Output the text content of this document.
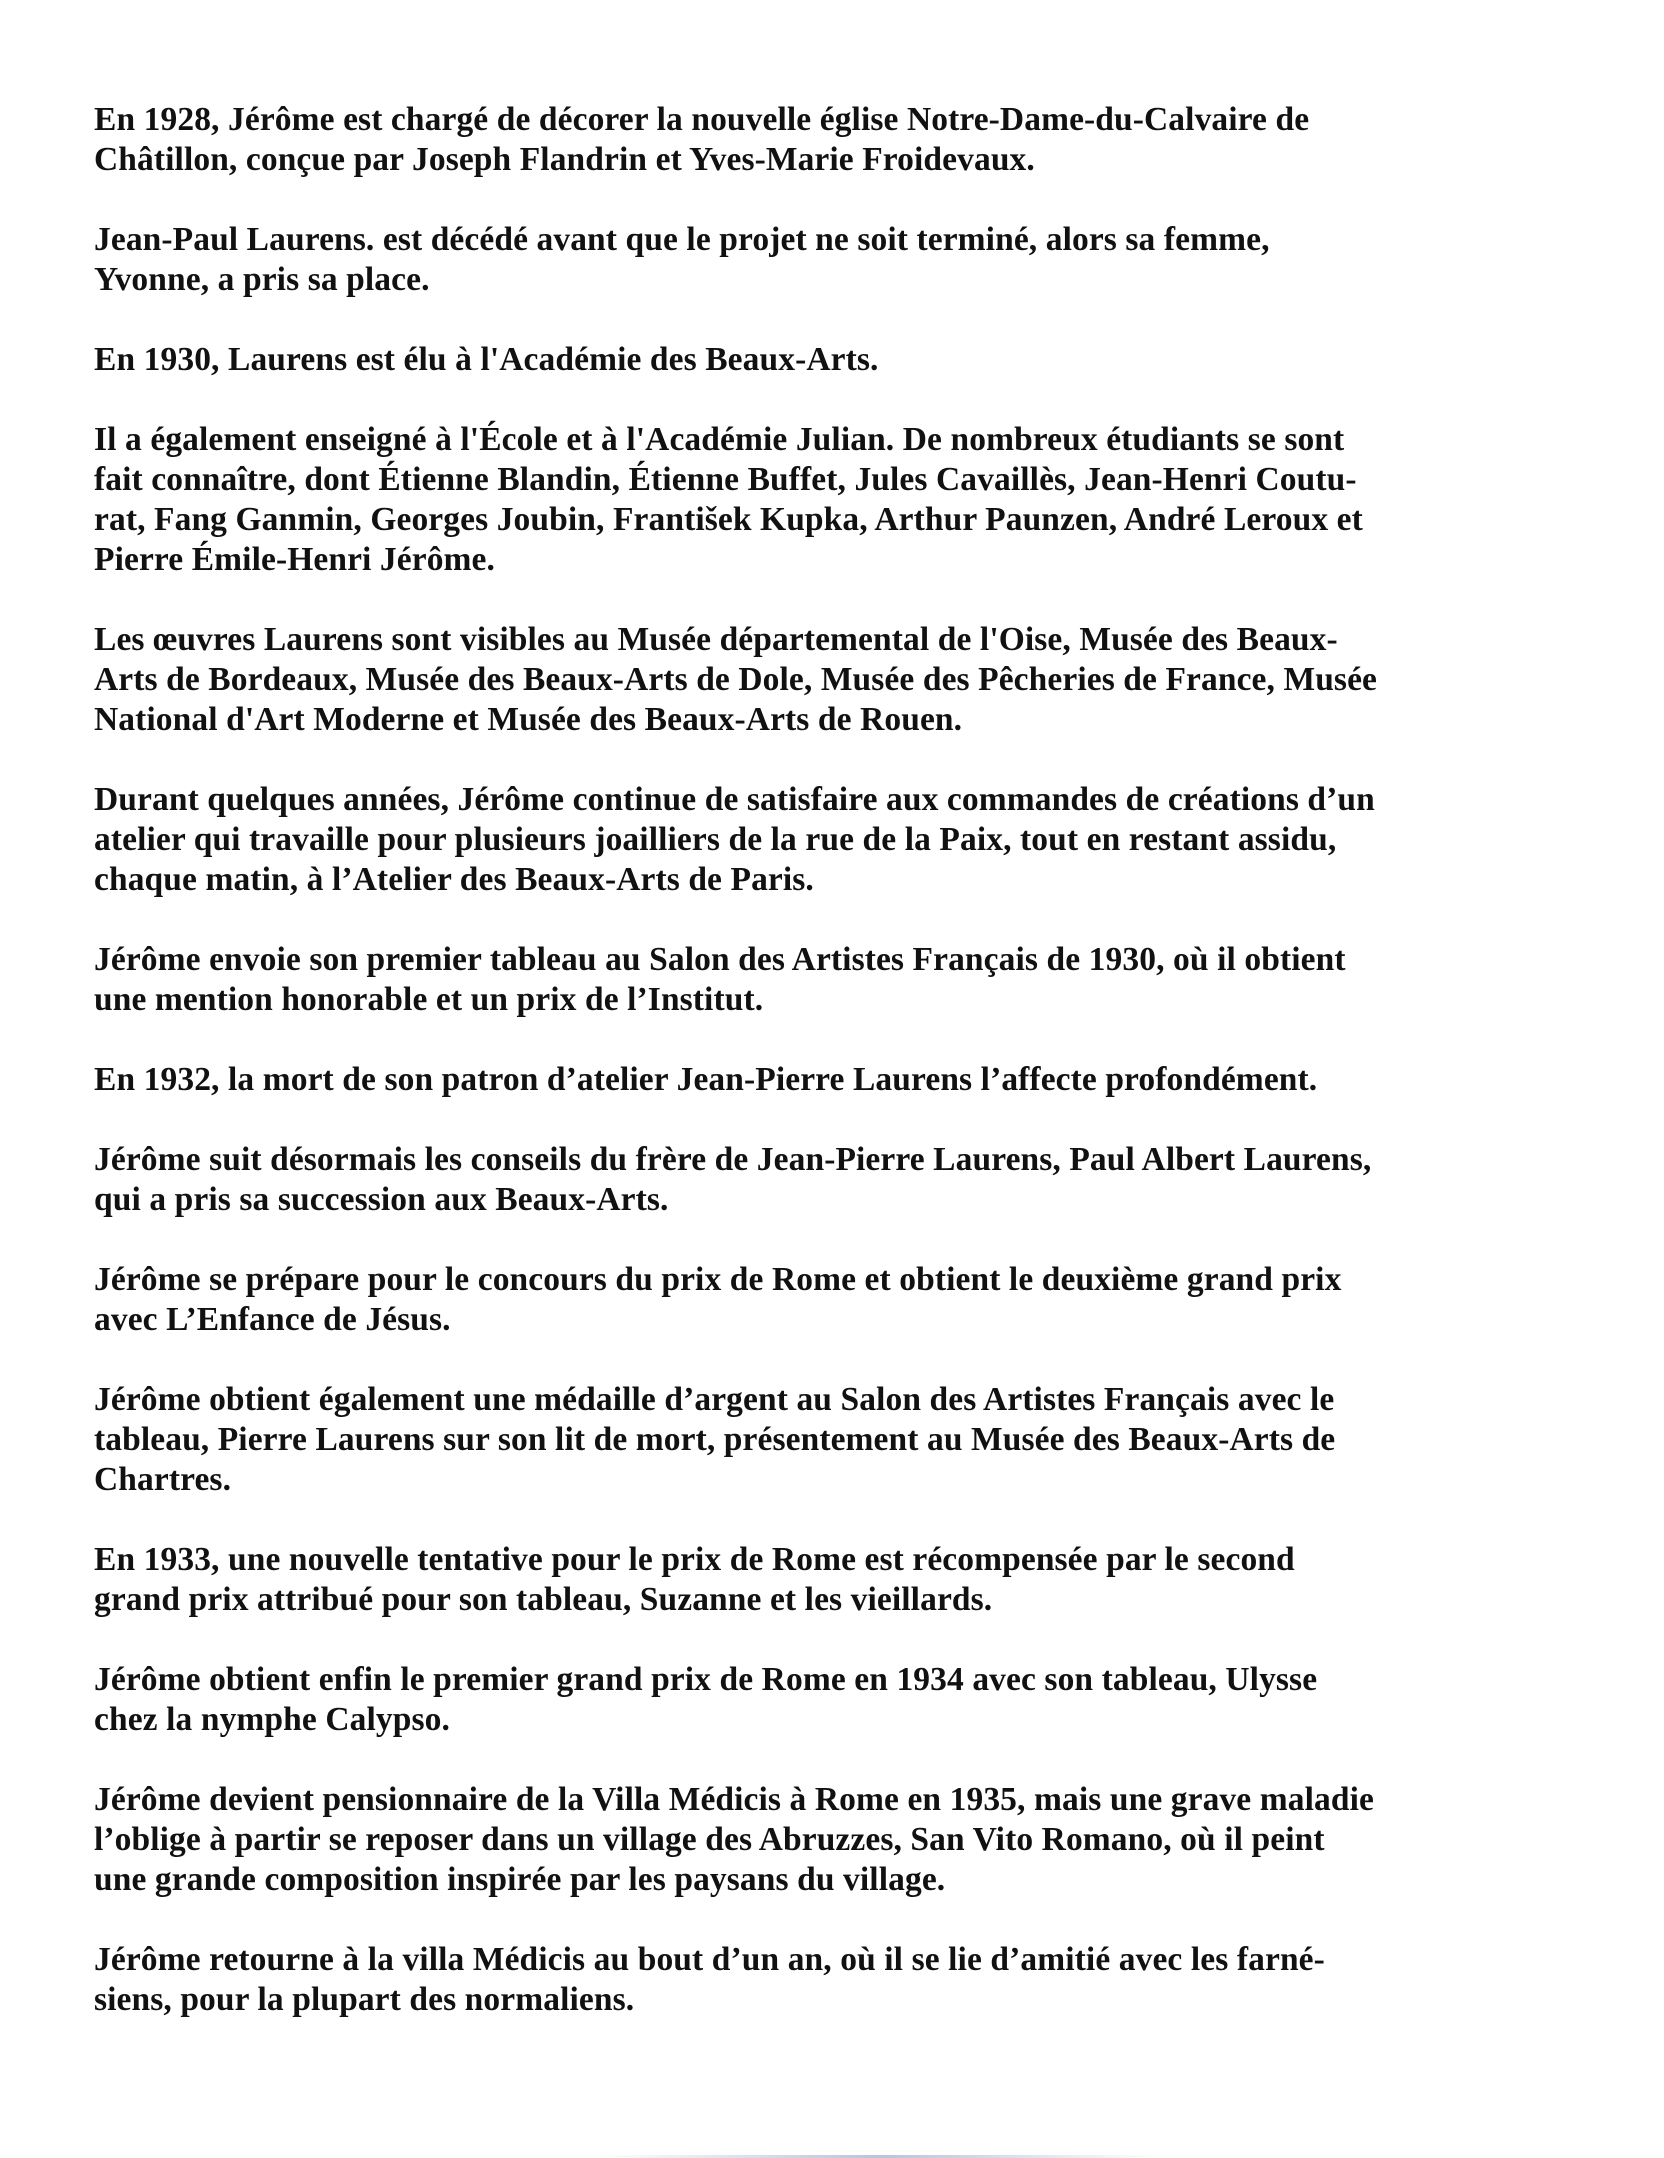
En 1928, Jérôme est chargé de décorer la nouvelle église Notre-Dame-du-Calvaire de
Châtillon, conçue par Joseph Flandrin et Yves-Marie Froidevaux.

Jean-Paul Laurens. est décédé avant que le projet ne soit terminé, alors sa femme,
Yvonne, a pris sa place.

En 1930, Laurens est élu à l'Académie des Beaux-Arts.

Il a également enseigné à l'École et à l'Académie Julian. De nombreux étudiants se sont
fait connaître, dont Étienne Blandin, Étienne Buffet, Jules Cavaillès, Jean-Henri Coutu-
rat, Fang Ganmin, Georges Joubin, František Kupka, Arthur Paunzen, André Leroux et
Pierre Émile-Henri Jérôme.

Les œuvres Laurens sont visibles au Musée départemental de l'Oise, Musée des Beaux-
Arts de Bordeaux, Musée des Beaux-Arts de Dole, Musée des Pêcheries de France, Musée
National d'Art Moderne et Musée des Beaux-Arts de Rouen.

Durant quelques années, Jérôme continue de satisfaire aux commandes de créations d’un
atelier qui travaille pour plusieurs joailliers de la rue de la Paix, tout en restant assidu,
chaque matin, à l’Atelier des Beaux-Arts de Paris.

Jérôme envoie son premier tableau au Salon des Artistes Français de 1930, où il obtient
une mention honorable et un prix de l’Institut.

En 1932, la mort de son patron d’atelier Jean-Pierre Laurens l’affecte profondément.

Jérôme suit désormais les conseils du frère de Jean-Pierre Laurens, Paul Albert Laurens,
qui a pris sa succession aux Beaux-Arts.

Jérôme se prépare pour le concours du prix de Rome et obtient le deuxième grand prix
avec L’Enfance de Jésus.

Jérôme obtient également une médaille d’argent au Salon des Artistes Français avec le
tableau, Pierre Laurens sur son lit de mort, présentement au Musée des Beaux-Arts de
Chartres.

En 1933, une nouvelle tentative pour le prix de Rome est récompensée par le second
grand prix attribué pour son tableau, Suzanne et les vieillards.

Jérôme obtient enfin le premier grand prix de Rome en 1934 avec son tableau, Ulysse
chez la nymphe Calypso.

Jérôme devient pensionnaire de la Villa Médicis à Rome en 1935, mais une grave maladie
l’oblige à partir se reposer dans un village des Abruzzes, San Vito Romano, où il peint
une grande composition inspirée par les paysans du village.

Jérôme retourne à la villa Médicis au bout d’un an, où il se lie d’amitié avec les farné-
siens, pour la plupart des normaliens.
